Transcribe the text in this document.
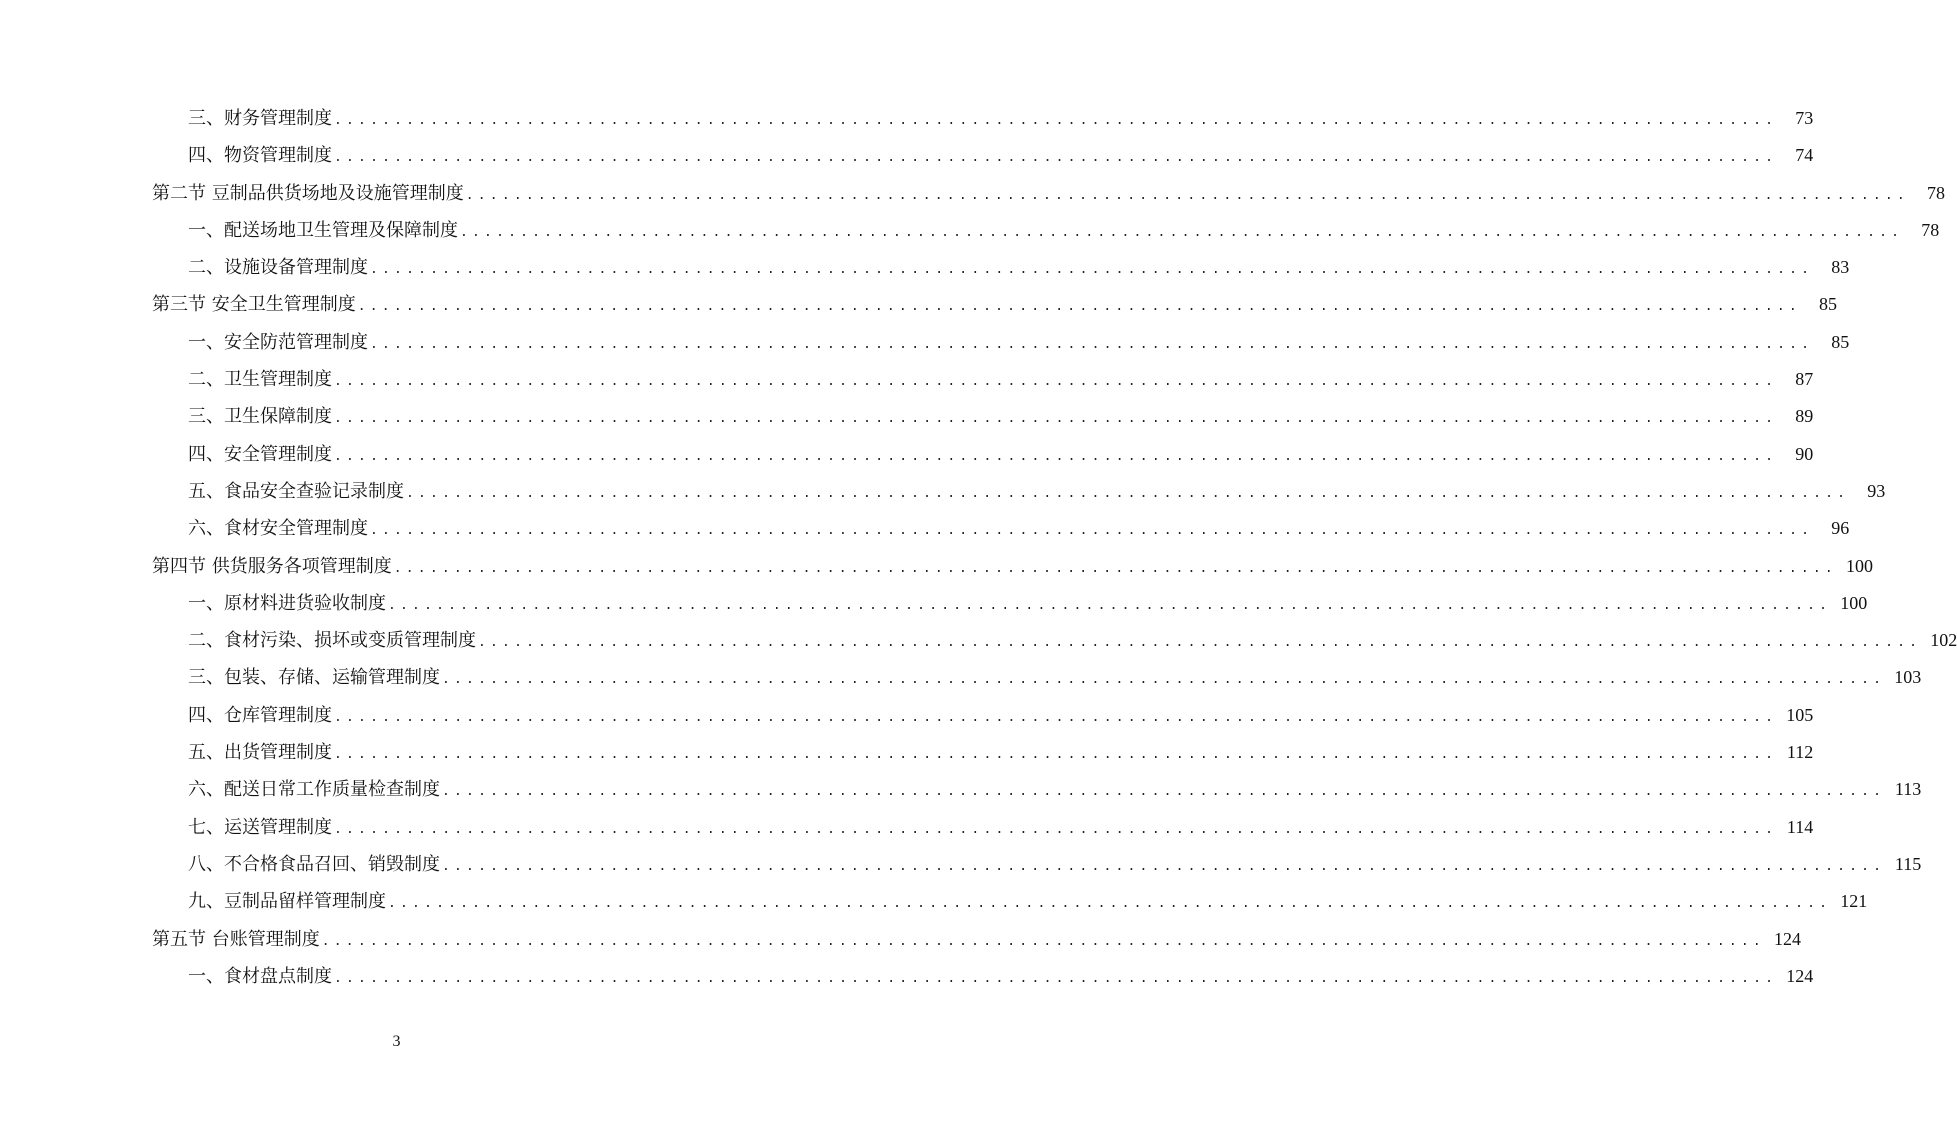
三、财务管理制度 ........................................................................................................................	73
四、物资管理制度 ........................................................................................................................	74
第二节 豆制品供货场地及设施管理制度 ........................................................................................................................	78
一、配送场地卫生管理及保障制度 ........................................................................................................................	78
二、设施设备管理制度 ........................................................................................................................	83
第三节 安全卫生管理制度 ........................................................................................................................	85
一、安全防范管理制度 ........................................................................................................................	85
二、卫生管理制度 ........................................................................................................................	87
三、卫生保障制度 ........................................................................................................................	89
四、安全管理制度 ........................................................................................................................	90
五、食品安全查验记录制度 ........................................................................................................................	93
六、食材安全管理制度 ........................................................................................................................	96
第四节 供货服务各项管理制度 ........................................................................................................................ 100
一、原材料进货验收制度 ........................................................................................................................ 100
二、食材污染、损坏或变质管理制度 ........................................................................................................................ 102
三、包装、存储、运输管理制度 ........................................................................................................................ 103
四、仓库管理制度 ........................................................................................................................ 105
五、出货管理制度 ........................................................................................................................ 112
六、配送日常工作质量检查制度 ........................................................................................................................ 113
七、运送管理制度 ........................................................................................................................ 114
八、不合格食品召回、销毁制度 ........................................................................................................................ 115
九、豆制品留样管理制度 ........................................................................................................................ 121
第五节 台账管理制度 ........................................................................................................................ 124
一、食材盘点制度 ........................................................................................................................ 124
3
